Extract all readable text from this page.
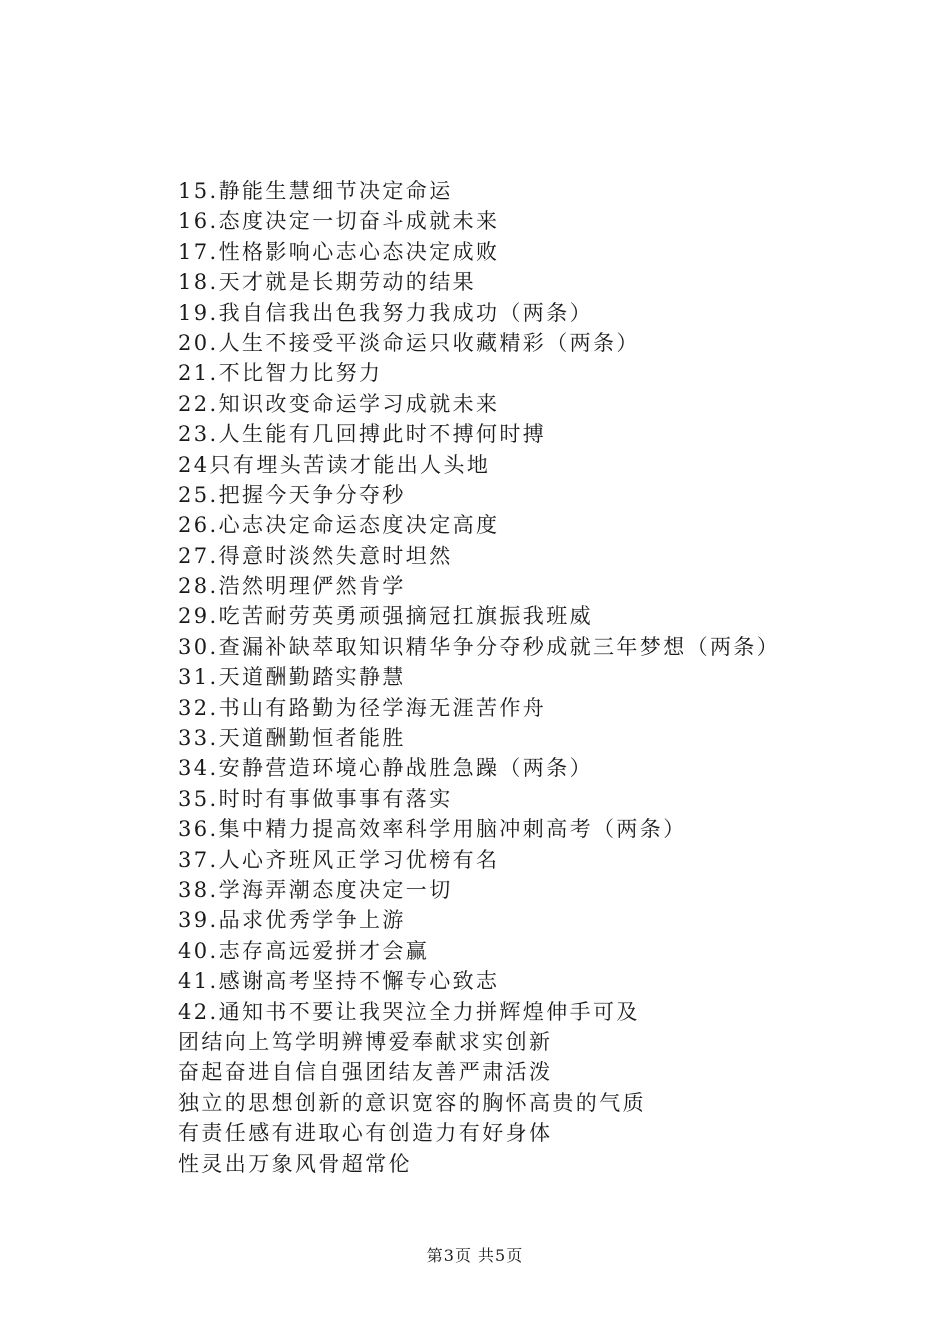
15.静能生慧细节决定命运
16.态度决定一切奋斗成就未来
17.性格影响心志心态决定成败
18.天才就是长期劳动的结果
19.我自信我出色我努力我成功（两条）
20.人生不接受平淡命运只收藏精彩（两条）
21.不比智力比努力
22.知识改变命运学习成就未来
23.人生能有几回搏此时不搏何时搏
24只有埋头苦读才能出人头地
25.把握今天争分夺秒
26.心志决定命运态度决定高度
27.得意时淡然失意时坦然
28.浩然明理俨然肯学
29.吃苦耐劳英勇顽强摘冠扛旗振我班威
30.查漏补缺萃取知识精华争分夺秒成就三年梦想（两条）
31.天道酬勤踏实静慧
32.书山有路勤为径学海无涯苦作舟
33.天道酬勤恒者能胜
34.安静营造环境心静战胜急躁（两条）
35.时时有事做事事有落实
36.集中精力提高效率科学用脑冲刺高考（两条）
37.人心齐班风正学习优榜有名
38.学海弄潮态度决定一切
39.品求优秀学争上游
40.志存高远爱拼才会赢
41.感谢高考坚持不懈专心致志
42.通知书不要让我哭泣全力拼辉煌伸手可及
团结向上笃学明辨博爱奉献求实创新
奋起奋进自信自强团结友善严肃活泼
独立的思想创新的意识宽容的胸怀高贵的气质
有责任感有进取心有创造力有好身体
性灵出万象风骨超常伦
第3页 共5页
